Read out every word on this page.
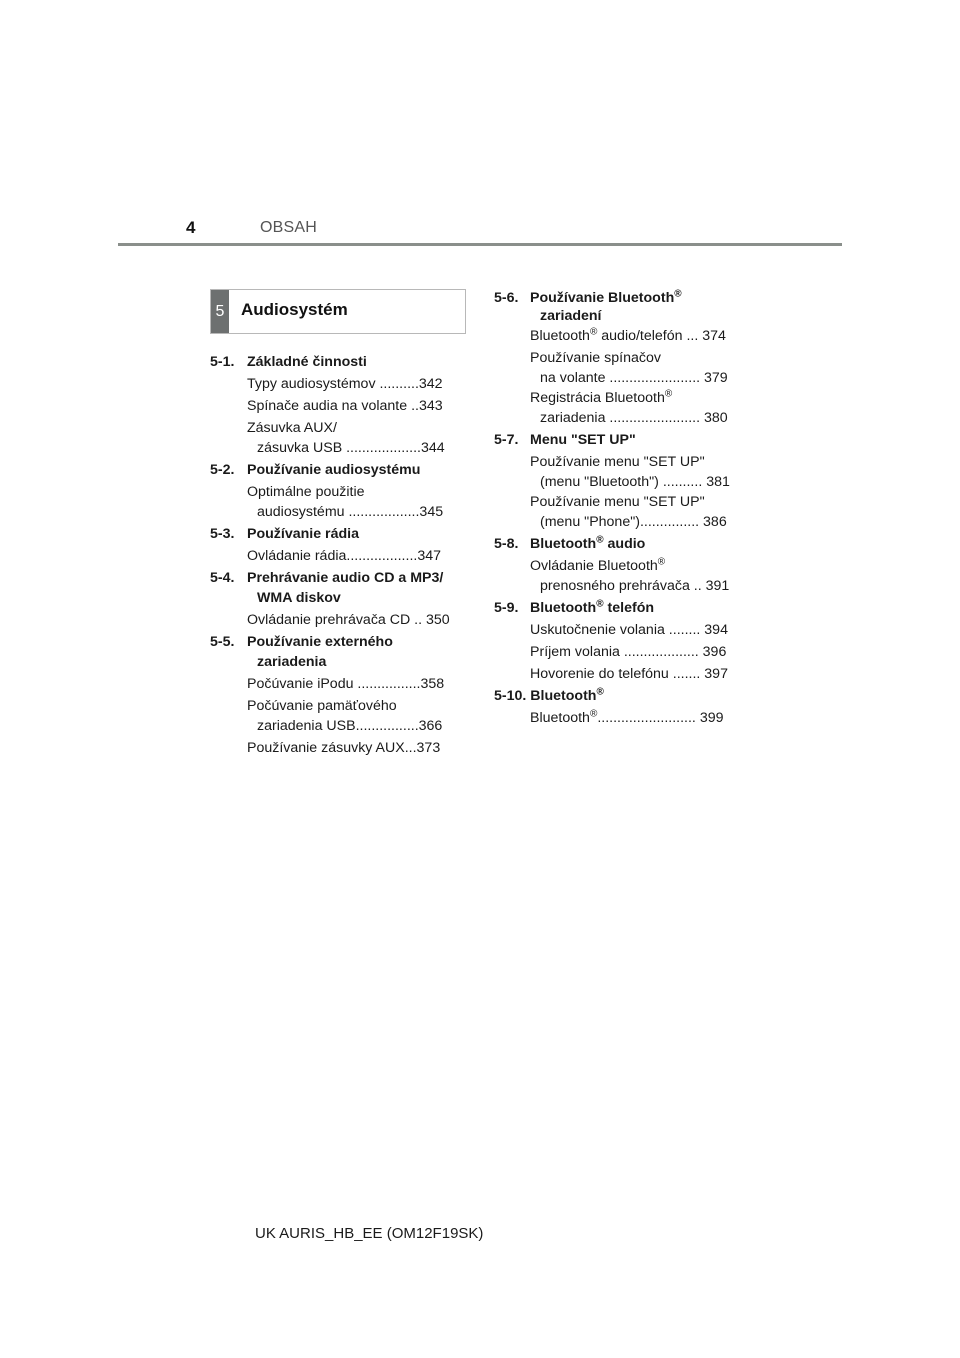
4	OBSAH
5 Audiosystém
5-1. Základné činnosti
Typy audiosystémov ..........342
Spínače audia na volante ..343
Zásuvka AUX/
zásuvka USB ...................344
5-2. Používanie audiosystému
Optimálne použitie
audiosystému ..................345
5-3. Používanie rádia
Ovládanie rádia..................347
5-4. Prehrávanie audio CD a MP3/
WMA diskov
Ovládanie prehrávača CD .. 350
5-5. Používanie externého
zariadenia
Počúvanie iPodu ................358
Počúvanie pamäťového
zariadenia USB................366
Používanie zásuvky AUX...373
5-6. Používanie Bluetooth®
zariadení
Bluetooth® audio/telefón ... 374
Používanie spínačov
na volante ....................... 379
Registrácia Bluetooth®
zariadenia ....................... 380
5-7. Menu "SET UP"
Používanie menu "SET UP"
(menu "Bluetooth") .......... 381
Používanie menu "SET UP"
(menu "Phone")............... 386
5-8. Bluetooth® audio
Ovládanie Bluetooth®
prenosného prehrávača .. 391
5-9. Bluetooth® telefón
Uskutočnenie volania ........ 394
Príjem volania ................... 396
Hovorenie do telefónu ....... 397
5-10. Bluetooth®
Bluetooth®......................... 399
UK AURIS_HB_EE (OM12F19SK)
